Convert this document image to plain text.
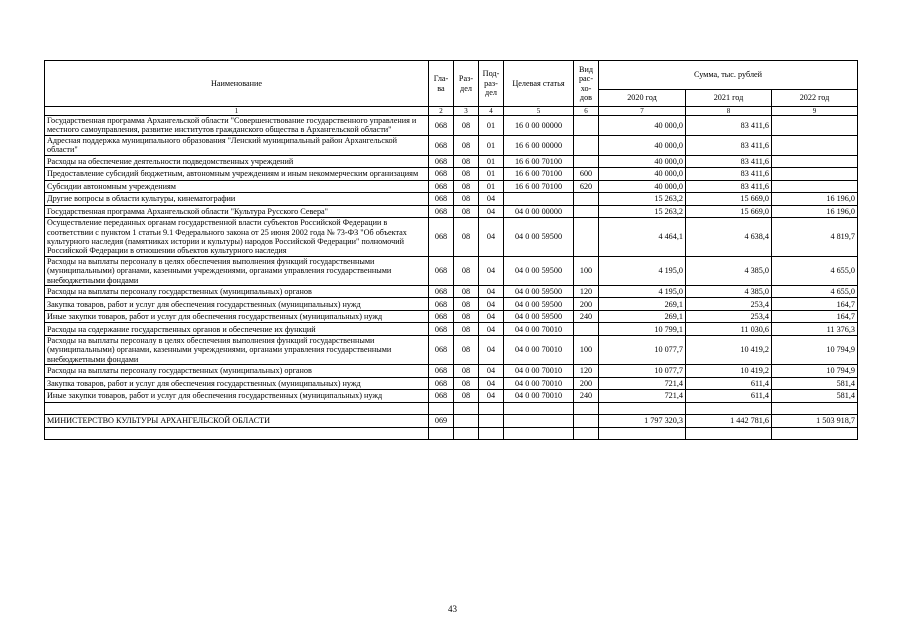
Наименование	Гла-ва	Раз-дел	Под-раз-дел	Целевая статья	Вид рас-хо-дов	Сумма, тыс. рублей		
						2020 год	2021 год	2022 год
1	2	3	4	5	6	7	8	9
Государственная программа Архангельской области "Совершенствование государственного управления и местного самоуправления, развитие институтов гражданского общества в Архангельской области"	068	08	01	16 0 00 00000		40 000,0	83 411,6	
Адресная поддержка муниципального образования "Ленский муниципальный район Архангельской области"	068	08	01	16 6 00 00000		40 000,0	83 411,6	
Расходы на обеспечение деятельности подведомственных учреждений	068	08	01	16 6 00 70100		40 000,0	83 411,6	
Предоставление субсидий бюджетным, автономным учреждениям и иным некоммерческим организациям	068	08	01	16 6 00 70100	600	40 000,0	83 411,6	
Субсидии автономным учреждениям	068	08	01	16 6 00 70100	620	40 000,0	83 411,6	
Другие вопросы в области культуры, кинематографии	068	08	04			15 263,2	15 669,0	16 196,0
Государственная программа Архангельской области "Культура Русского Севера"	068	08	04	04 0 00 00000		15 263,2	15 669,0	16 196,0
Осуществление переданных органам государственной власти субъектов Российской Федерации в соответствии с пунктом 1 статьи 9.1 Федерального закона от 25 июня 2002 года № 73-ФЗ "Об объектах культурного наследия (памятниках истории и культуры) народов Российской Федерации" полномочий Российской Федерации в отношении объектов культурного наследия	068	08	04	04 0 00 59500		4 464,1	4 638,4	4 819,7
Расходы на выплаты персоналу в целях обеспечения выполнения функций государственными (муниципальными) органами, казенными учреждениями, органами управления государственными внебюджетными фондами	068	08	04	04 0 00 59500	100	4 195,0	4 385,0	4 655,0
Расходы на выплаты персоналу государственных (муниципальных) органов	068	08	04	04 0 00 59500	120	4 195,0	4 385,0	4 655,0
Закупка товаров, работ и услуг для обеспечения государственных (муниципальных) нужд	068	08	04	04 0 00 59500	200	269,1	253,4	164,7
Иные закупки товаров, работ и услуг для обеспечения государственных (муниципальных) нужд	068	08	04	04 0 00 59500	240	269,1	253,4	164,7
Расходы на содержание государственных органов и обеспечение их функций	068	08	04	04 0 00 70010		10 799,1	11 030,6	11 376,3
Расходы на выплаты персоналу в целях обеспечения выполнения функций государственными (муниципальными) органами, казенными учреждениями, органами управления государственными внебюджетными фондами	068	08	04	04 0 00 70010	100	10 077,7	10 419,2	10 794,9
Расходы на выплаты персоналу государственных (муниципальных) органов	068	08	04	04 0 00 70010	120	10 077,7	10 419,2	10 794,9
Закупка товаров, работ и услуг для обеспечения государственных (муниципальных) нужд	068	08	04	04 0 00 70010	200	721,4	611,4	581,4
Иные закупки товаров, работ и услуг для обеспечения государственных (муниципальных) нужд	068	08	04	04 0 00 70010	240	721,4	611,4	581,4

МИНИСТЕРСТВО КУЛЬТУРЫ АРХАНГЕЛЬСКОЙ ОБЛАСТИ	069					1 797 320,3	1 442 781,6	1 503 918,7

43
